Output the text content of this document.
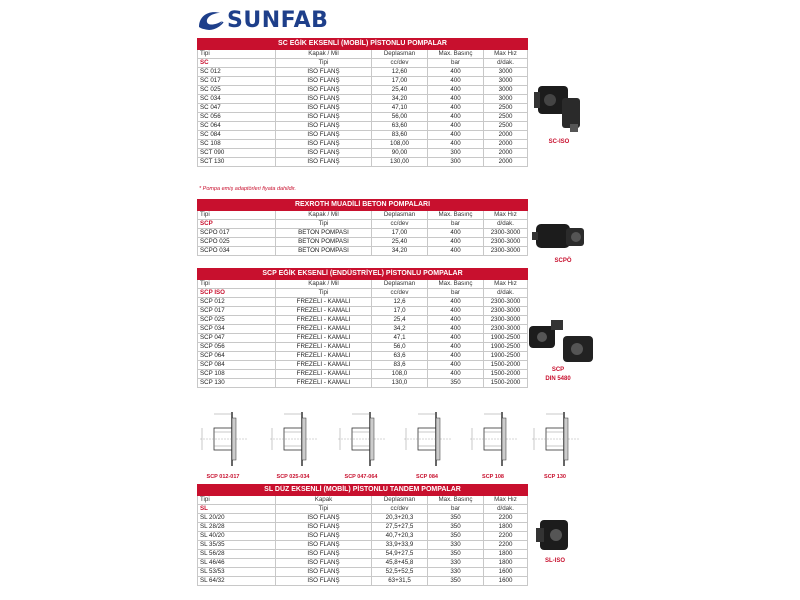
SUNFAB
SC EĞİK EKSENLİ (MOBİL) PİSTONLU POMPALAR				
Tipi	Kapak / Mil	Deplasman	Max. Basınç	Max Hız
SC	Tipi	cc/dev	bar	d/dak.
SC 012	ISO FLANŞ	12,60	400	3000
SC 017	ISO FLANŞ	17,00	400	3000
SC 025	ISO FLANŞ	25,40	400	3000
SC 034	ISO FLANŞ	34,20	400	3000
SC 047	ISO FLANŞ	47,10	400	2500
SC 056	ISO FLANŞ	56,00	400	2500
SC 064	ISO FLANŞ	63,60	400	2500
SC 084	ISO FLANŞ	83,60	400	2000
SC 108	ISO FLANŞ	108,00	400	2000
SCT 090	ISO FLANŞ	90,00	300	2000
SCT 130	ISO FLANŞ	130,00	300	2000
* Pompa emiş adaptörleri fiyata dahildir.
REXROTH MUADİLİ BETON POMPALARI				
Tipi	Kapak / Mil	Deplasman	Max. Basınç	Max Hız
SCP	Tipi	cc/dev	bar	d/dak.
SCPÖ 017	BETON POMPASI	17,00	400	2300-3000
SCPÖ 025	BETON POMPASI	25,40	400	2300-3000
SCPÖ 034	BETON POMPASI	34,20	400	2300-3000
SCP EĞİK EKSENLİ (ENDÜSTRİYEL) PİSTONLU POMPALAR				
Tipi	Kapak / Mil	Deplasman	Max. Basınç	Max Hız
SCP ISO	Tipi	cc/dev	bar	d/dak.
SCP 012	FREZELİ - KAMALI	12,6	400	2300-3000
SCP 017	FREZELİ - KAMALI	17,0	400	2300-3000
SCP 025	FREZELİ - KAMALI	25,4	400	2300-3000
SCP 034	FREZELİ - KAMALI	34,2	400	2300-3000
SCP 047	FREZELİ - KAMALI	47,1	400	1900-2500
SCP 056	FREZELİ - KAMALI	56,0	400	1900-2500
SCP 064	FREZELİ - KAMALI	63,6	400	1900-2500
SCP 084	FREZELİ - KAMALI	83,6	400	1500-2000
SCP 108	FREZELİ - KAMALI	108,0	400	1500-2000
SCP 130	FREZELİ - KAMALI	130,0	350	1500-2000
SL DÜZ EKSENLİ (MOBİL) PİSTONLU TANDEM POMPALAR				
Tipi	Kapak	Deplasman	Max. Basınç	Max Hız
SL	Tipi	cc/dev	bar	d/dak.
SL 20/20	ISO FLANŞ	20,3+20,3	350	2200
SL 28/28	ISO FLANŞ	27,5+27,5	350	1800
SL 40/20	ISO FLANŞ	40,7+20,3	350	2200
SL 35/35	ISO FLANŞ	33,9+33,9	330	2200
SL 56/28	ISO FLANŞ	54,9+27,5	350	1800
SL 46/46	ISO FLANŞ	45,8+45,8	330	1800
SL 53/53	ISO FLANŞ	52,5+52,5	330	1600
SL 64/32	ISO FLANŞ	63+31,5	350	1600
SC-ISO
SCPÖ
SCP
DIN 5480
SL-ISO
SCP 012-017	SCP 025-034	SCP 047-064	SCP 084	SCP 108	SCP 130
